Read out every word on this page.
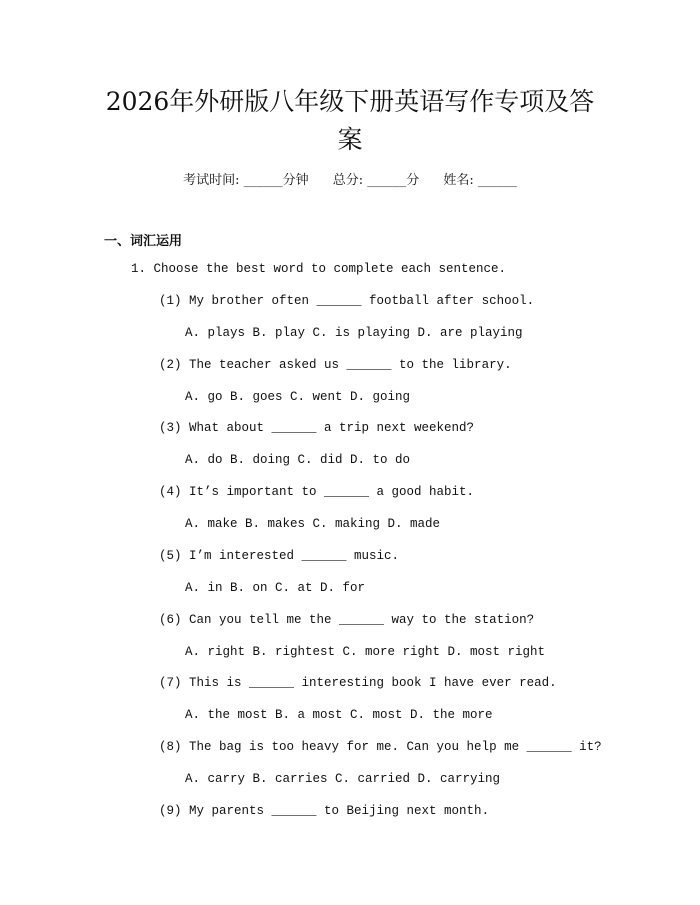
2026年外研版八年级下册英语写作专项及答
案
考试时间: ______分钟 总分: ______分 姓名: ______
一、词汇运用
1. Choose the best word to complete each sentence.
(1) My brother often ______ football after school.
A. plays B. play C. is playing D. are playing
(2) The teacher asked us ______ to the library.
A. go B. goes C. went D. going
(3) What about ______ a trip next weekend?
A. do B. doing C. did D. to do
(4) It’s important to ______ a good habit.
A. make B. makes C. making D. made
(5) I’m interested ______ music.
A. in B. on C. at D. for
(6) Can you tell me the ______ way to the station?
A. right B. rightest C. more right D. most right
(7) This is ______ interesting book I have ever read.
A. the most B. a most C. most D. the more
(8) The bag is too heavy for me. Can you help me ______ it?
A. carry B. carries C. carried D. carrying
(9) My parents ______ to Beijing next month.
